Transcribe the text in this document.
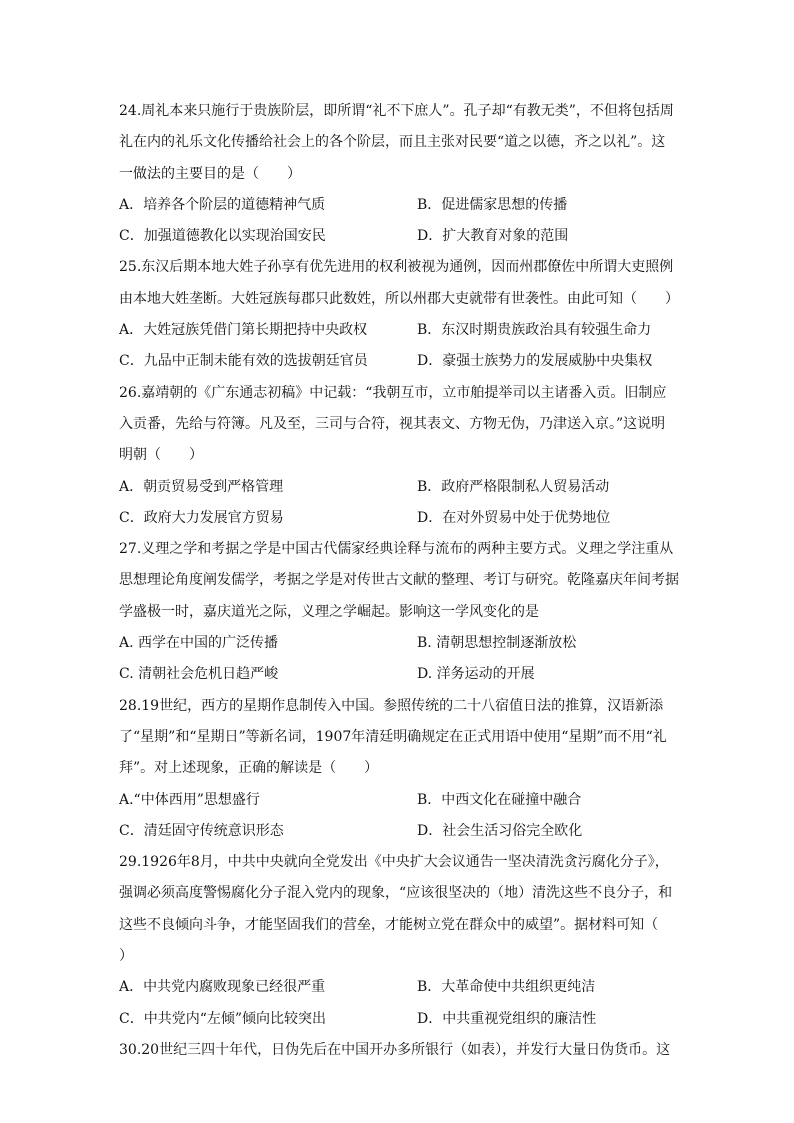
24.周礼本来只施行于贵族阶层，即所谓“礼不下庶人”。孔子却“有教无类”，不但将包括周礼在内的礼乐文化传播给社会上的各个阶层，而且主张对民要“道之以德，齐之以礼”。这一做法的主要目的是（　　）

A．培养各个阶层的道德精神气质	B．促进儒家思想的传播
C．加强道德教化以实现治国安民	D．扩大教育对象的范围

25.东汉后期本地大姓子孙享有优先进用的权利被视为通例，因而州郡僚佐中所谓大吏照例由本地大姓垄断。大姓冠族每郡只此数姓，所以州郡大吏就带有世袭性。由此可知（　　）

A．大姓冠族凭借门第长期把持中央政权	B．东汉时期贵族政治具有较强生命力
C．九品中正制未能有效的选拔朝廷官员	D．豪强士族势力的发展威胁中央集权

26.嘉靖朝的《广东通志初稿》中记载：“我朝互市，立市舶提举司以主诸番入贡。旧制应入贡番，先给与符簿。凡及至，三司与合符，视其表文、方物无伪，乃津送入京。”这说明明朝（　　）

A．朝贡贸易受到严格管理	B．政府严格限制私人贸易活动
C．政府大力发展官方贸易	D．在对外贸易中处于优势地位

27.义理之学和考据之学是中国古代儒家经典诠释与流布的两种主要方式。义理之学注重从思想理论角度阐发儒学，考据之学是对传世古文献的整理、考订与研究。乾隆嘉庆年间考据学盛极一时，嘉庆道光之际，义理之学崛起。影响这一学风变化的是

A. 西学在中国的广泛传播	B. 清朝思想控制逐渐放松
C. 清朝社会危机日趋严峻	D. 洋务运动的开展

28.19世纪，西方的星期作息制传入中国。参照传统的二十八宿值日法的推算，汉语新添了“星期”和“星期日”等新名词，1907年清廷明确规定在正式用语中使用“星期”而不用“礼拜”。对上述现象，正确的解读是（　　）

A.“中体西用”思想盛行	B．中西文化在碰撞中融合
C．清廷固守传统意识形态	D．社会生活习俗完全欧化

29.1926年8月，中共中央就向全党发出《中央扩大会议通告一坚决清洗贪污腐化分子》，强调必须高度警惕腐化分子混入党内的现象，“应该很坚决的（地）清洗这些不良分子，和这些不良倾向斗争，才能坚固我们的营垒，才能树立党在群众中的威望”。据材料可知（　　）

A．中共党内腐败现象已经很严重	B．大革命使中共组织更纯洁
C．中共党内“左倾”倾向比较突出	D．中共重视党组织的廉洁性

30.20世纪三四十年代，日伪先后在中国开办多所银行（如表），并发行大量日伪货币。这
